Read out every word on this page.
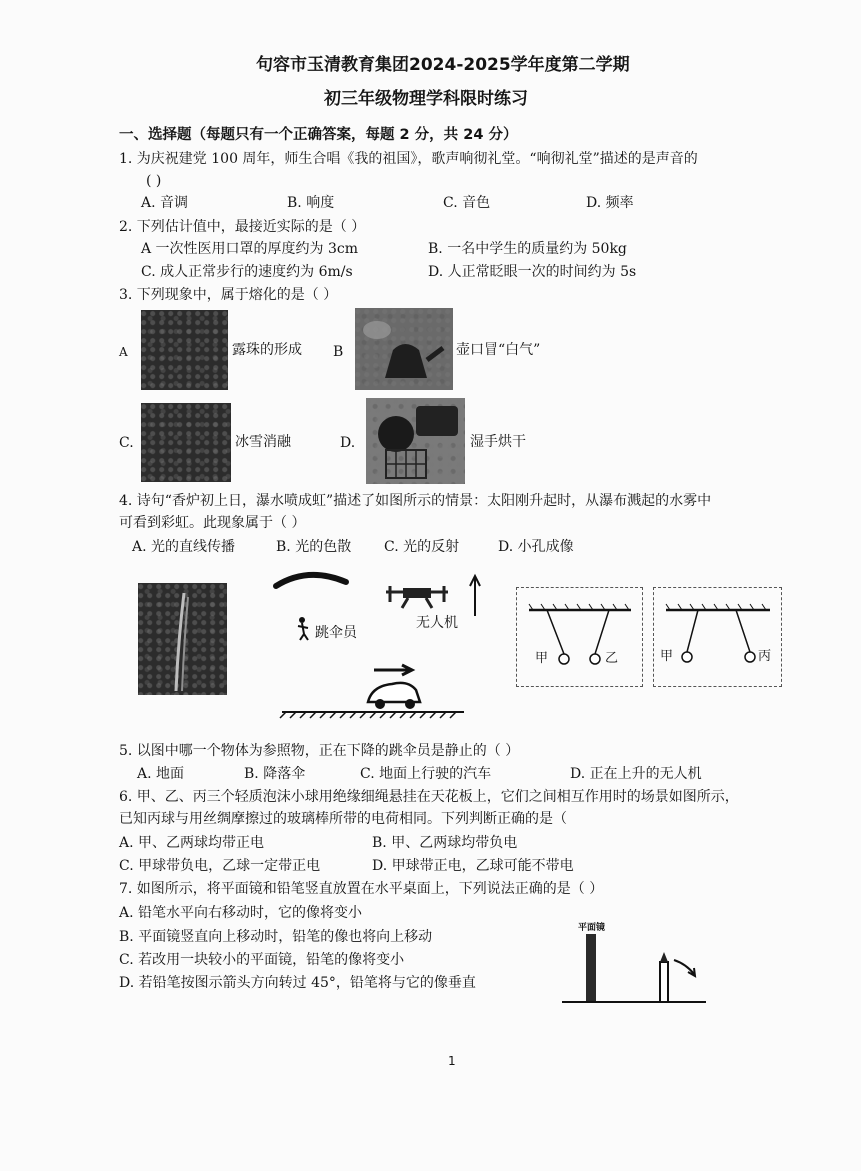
句容市玉清教育集团2024-2025学年度第二学期
初三年级物理学科限时练习
一、选择题（每题只有一个正确答案，每题 2 分，共 24 分）
1. 为庆祝建党 100 周年，师生合唱《我的祖国》，歌声响彻礼堂。“响彻礼堂”描述的是声音的
( )
A. 音调	B. 响度	C. 音色	D. 频率
2. 下列估计值中，最接近实际的是（ ）
A 一次性医用口罩的厚度约为 3cm	B. 一名中学生的质量约为 50kg
C. 成人正常步行的速度约为 6m/s	D. 人正常眨眼一次的时间约为 5s
3. 下列现象中，属于熔化的是（ ）
A	露珠的形成 B	壶口冒“白气”
C.	冰雪消融	D.	湿手烘干
4. 诗句“香炉初上日，瀑水喷成虹”描述了如图所示的情景：太阳刚升起时，从瀑布溅起的水雾中
可看到彩虹。此现象属于（ ）
A. 光的直线传播	B. 光的色散 C. 光的反射	D. 小孔成像
跳伞员
无人机
甲	乙	甲	丙
5. 以图中哪一个物体为参照物，正在下降的跳伞员是静止的（ ）
A. 地面	B. 降落伞	C. 地面上行驶的汽车	D. 正在上升的无人机
6. 甲、乙、丙三个轻质泡沫小球用绝缘细绳悬挂在天花板上，它们之间相互作用时的场景如图所示，
已知丙球与用丝绸摩擦过的玻璃棒所带的电荷相同。下列判断正确的是（
A. 甲、乙两球均带正电	B. 甲、乙两球均带负电
C. 甲球带负电，乙球一定带正电	D. 甲球带正电，乙球可能不带电
7. 如图所示，将平面镜和铅笔竖直放置在水平桌面上，下列说法正确的是（ ）
A. 铅笔水平向右移动时，它的像将变小
B. 平面镜竖直向上移动时，铅笔的像也将向上移动
C. 若改用一块较小的平面镜，铅笔的像将变小
D. 若铅笔按图示箭头方向转过 45°，铅笔将与它的像垂直
平面镜
1
